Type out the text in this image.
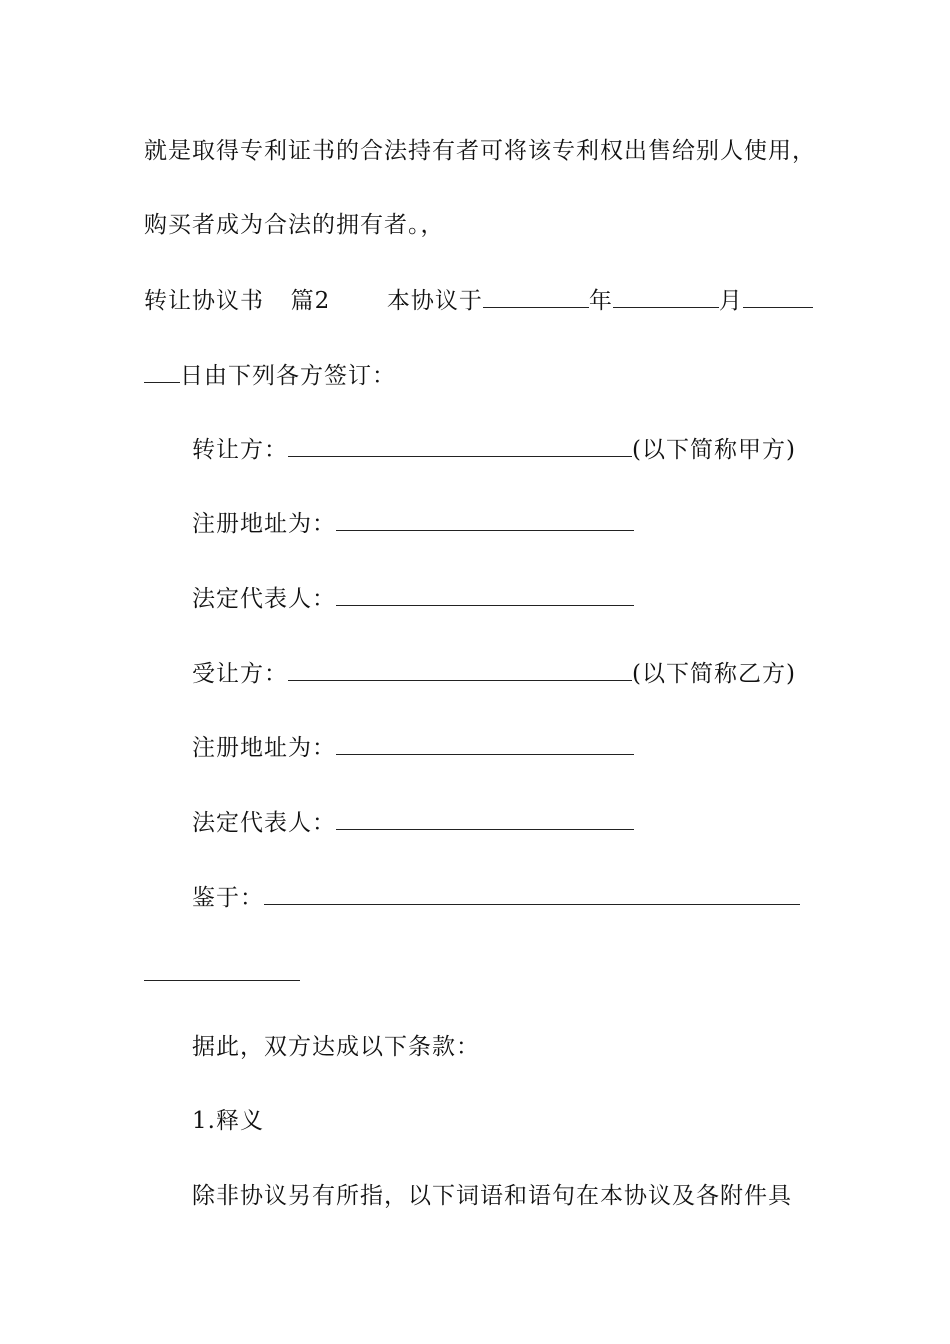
就是取得专利证书的合法持有者可将该专利权出售给别人使用，
购买者成为合法的拥有者。，
转让协议书 篇2 本协议于	年	月
日由下列各方签订：
转让方：	(以下简称甲方)
注册地址为：
法定代表人：
受让方：	(以下简称乙方)
注册地址为：
法定代表人：
鉴于：
据此，双方达成以下条款：
1.释义
除非协议另有所指，以下词语和语句在本协议及各附件具
